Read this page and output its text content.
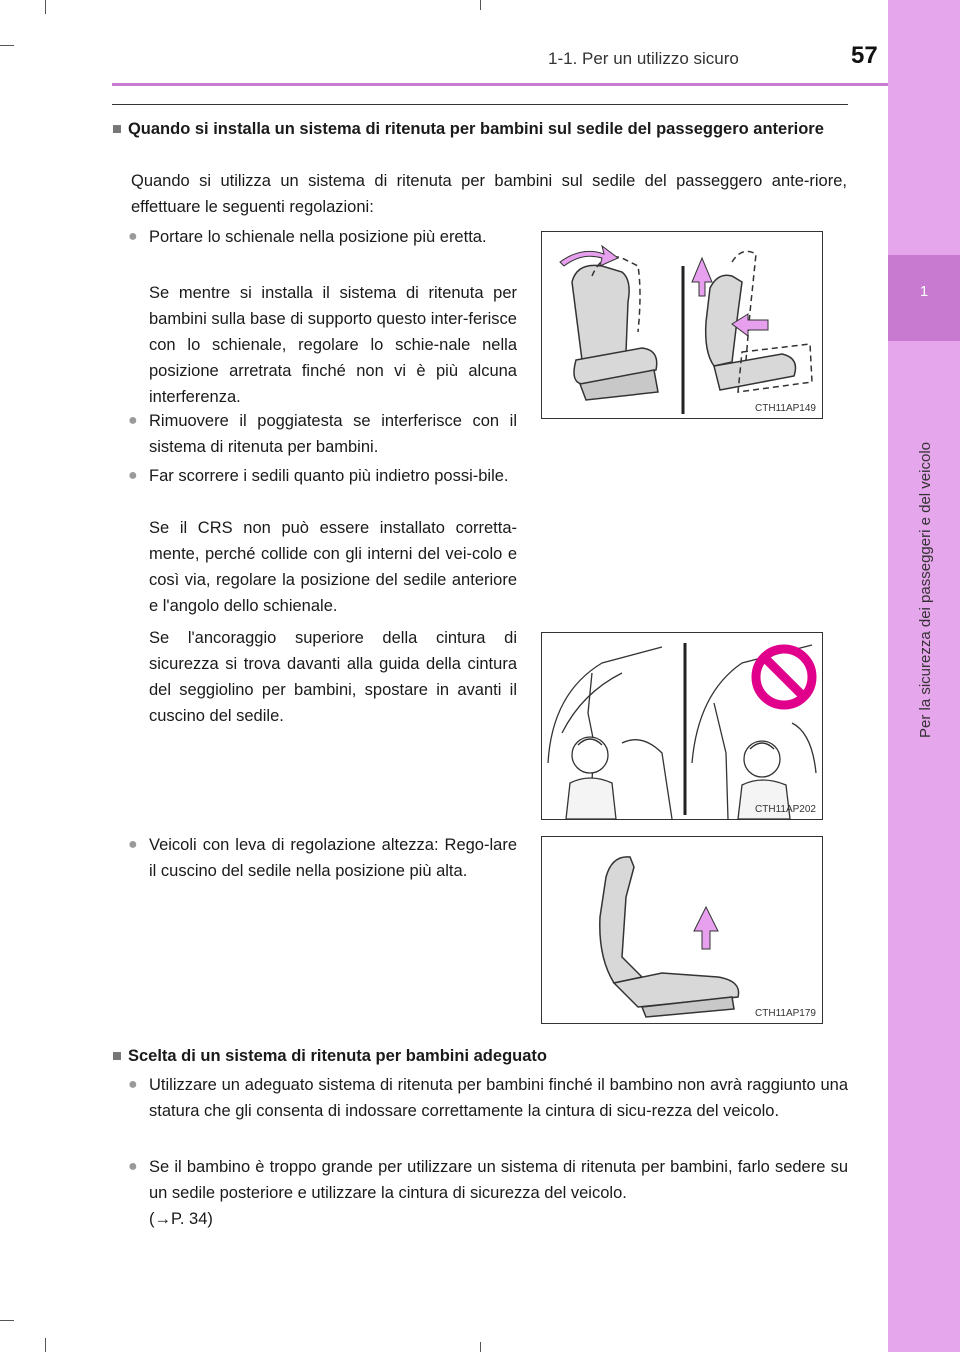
1
Per la sicurezza dei passeggeri e del veicolo
1-1. Per un utilizzo sicuro	57
■ Quando si installa un sistema di ritenuta per bambini sul sedile del passeggero anteriore
Quando si utilizza un sistema di ritenuta per bambini sul sedile del passeggero ante-riore, effettuare le seguenti regolazioni:
● Portare lo schienale nella posizione più eretta.
Se mentre si installa il sistema di ritenuta per bambini sulla base di supporto questo inter-ferisce con lo schienale, regolare lo schie-nale nella posizione arretrata finché non vi è più alcuna interferenza.
● Rimuovere il poggiatesta se interferisce con il sistema di ritenuta per bambini.
● Far scorrere i sedili quanto più indietro possi-bile.
Se il CRS non può essere installato corretta-mente, perché collide con gli interni del vei-colo e così via, regolare la posizione del sedile anteriore e l'angolo dello schienale.
Se l'ancoraggio superiore della cintura di sicurezza si trova davanti alla guida della cintura del seggiolino per bambini, spostare in avanti il cuscino del sedile.
● Veicoli con leva di regolazione altezza: Rego-lare il cuscino del sedile nella posizione più alta.
CTH11AP149
CTH11AP202
CTH11AP179
■ Scelta di un sistema di ritenuta per bambini adeguato
● Utilizzare un adeguato sistema di ritenuta per bambini finché il bambino non avrà raggiunto una statura che gli consenta di indossare correttamente la cintura di sicu-rezza del veicolo.
● Se il bambino è troppo grande per utilizzare un sistema di ritenuta per bambini, farlo sedere su un sedile posteriore e utilizzare la cintura di sicurezza del veicolo.
(→P. 34)
